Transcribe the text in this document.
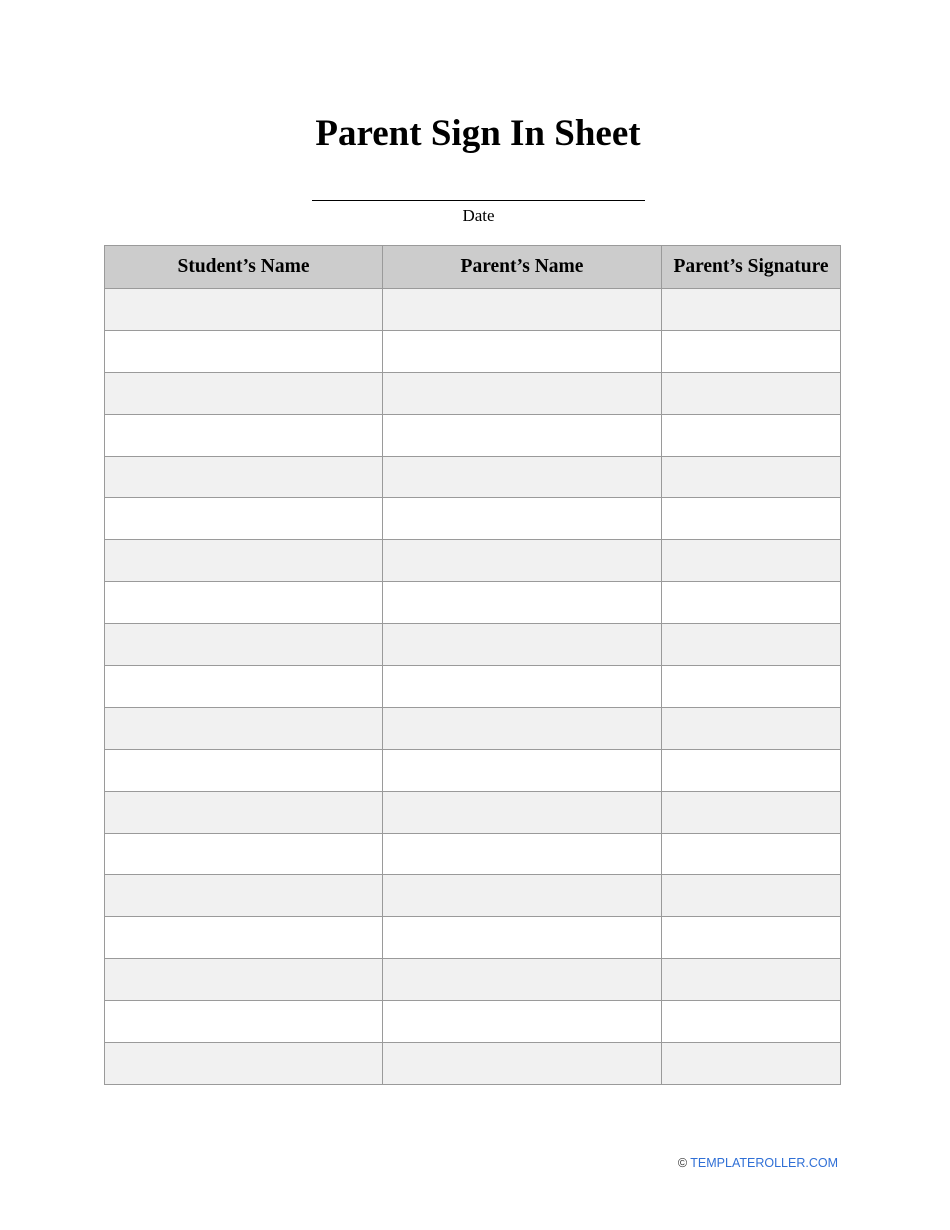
Parent Sign In Sheet
Date
Student’s Name	Parent’s Name	Parent’s Signature

© TEMPLATEROLLER.COM
